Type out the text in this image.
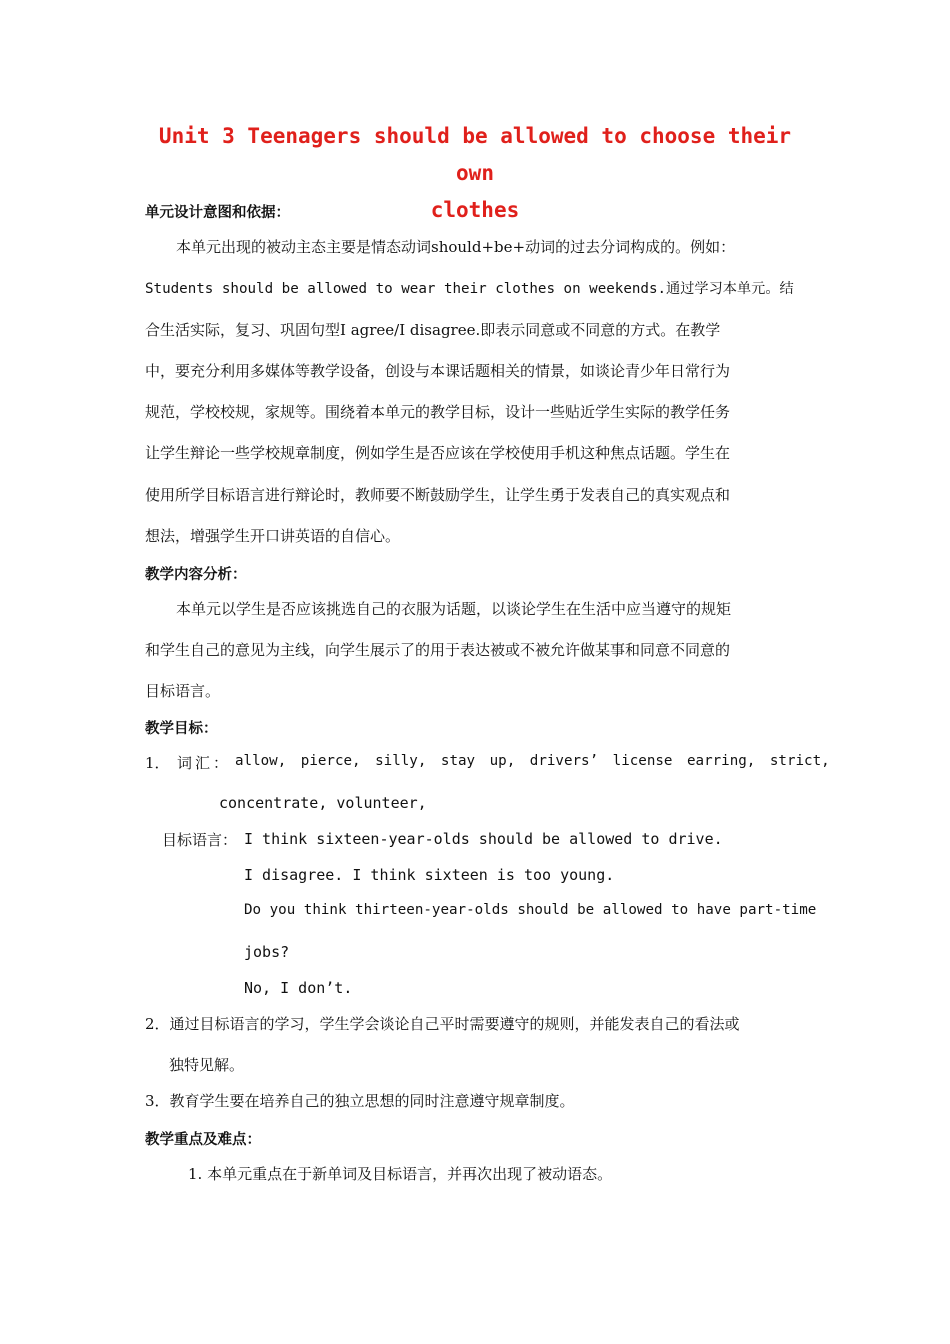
Unit 3 Teenagers should be allowed to choose their own
clothes
单元设计意图和依据：
本单元出现的被动主态主要是情态动词should+be+动词的过去分词构成的。例如：
Students should be allowed to wear their clothes on weekends.通过学习本单元。结
合生活实际，复习、巩固句型I agree/I disagree.即表示同意或不同意的方式。在教学
中，要充分利用多媒体等教学设备，创设与本课话题相关的情景，如谈论青少年日常行为
规范，学校校规，家规等。围绕着本单元的教学目标，设计一些贴近学生实际的教学任务
让学生辩论一些学校规章制度，例如学生是否应该在学校使用手机这种焦点话题。学生在
使用所学目标语言进行辩论时，教师要不断鼓励学生，让学生勇于发表自己的真实观点和
想法，增强学生开口讲英语的自信心。
教学内容分析：
本单元以学生是否应该挑选自己的衣服为话题，以谈论学生在生活中应当遵守的规矩
和学生自己的意见为主线，向学生展示了的用于表达被或不被允许做某事和同意不同意的
目标语言。
教学目标：
1． 词汇： allow, pierce, silly, stay up, drivers’ license earring, strict,
concentrate, volunteer,
目标语言： I think sixteen-year-olds should be allowed to drive.
I disagree. I think sixteen is too young.
Do you think thirteen-year-olds should be allowed to have part-time
jobs?
No, I don’t.
2．通过目标语言的学习，学生学会谈论自己平时需要遵守的规则，并能发表自己的看法或
独特见解。
3．教育学生要在培养自己的独立思想的同时注意遵守规章制度。
教学重点及难点：
1. 本单元重点在于新单词及目标语言，并再次出现了被动语态。
